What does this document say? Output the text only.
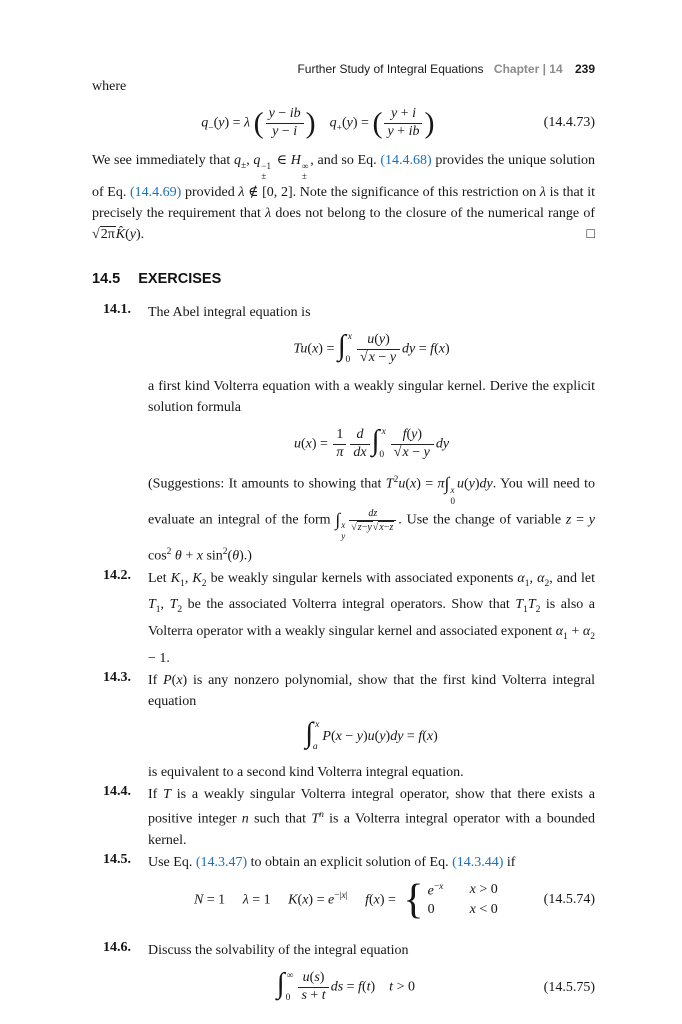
Further Study of Integral Equations Chapter | 14 239

where

$q_-(y) = \lambda$ ( $\frac{y - ib}{y - i}$ ) $q_+(y)$ = ( $\frac{y + i}{y + ib}$ )	(14.4.73)

We see immediately that $q_\pm$, q −1
±
∈ H ∞
±
, and so Eq. (14.4.68) provides the unique solution of Eq. (14.4.69) provided λ ∉ [0, 2]. Note the significance of this restriction on λ is that it precisely the requirement that λ does not belong to the closure of the numerical range of √2πK̂(y).	□

14.5 EXERCISES
14.1.	The Abel integral equation is

Tu(x) = ∫ x
$0 \frac{u(y)}{√x - y}$ dy = f(x)

a first kind Volterra equation with a weakly singular kernel. Derive the explicit solution formula

$u(x) = \frac{1}{\pi} \frac{d}{dx}$ ∫ x
$0 \frac{f(y)}{√x - y}$ dy

(Suggestions: It amounts to showing that $T^2u(x) = \pi\int$ x
0
u(y)dy. You will need to evaluate an integral of the form ∫ x
y
$\frac{dz}{√z-y√x-z}$ . Use the change of variable z = y $\cos^2 \theta + x$ $\sin^2(\theta)$.)

14.2.	Let $K_1$, $K_2$ be weakly singular kernels with associated exponents $\alpha_1$, $\alpha_2$, and let $T_1$, $T_2$ be the associated Volterra integral operators. Show that $T_1T_2$ is also a Volterra operator with a weakly singular kernel and associated exponent $\alpha_1 + \alpha_2 - 1$.

14.3.	If P(x) is any nonzero polynomial, show that the first kind Volterra integral equation

∫ x
a
P(x − y)u(y)dy = f(x)

is equivalent to a second kind Volterra integral equation.

14.4.	If T is a weakly singular Volterra integral operator, show that there exists a positive integer n such that $T^n$ is a Volterra integral operator with a bounded kernel.

14.5.	Use Eq. (14.3.47) to obtain an explicit solution of Eq. (14.3.44) if

N = 1  λ = 1  $K(x) = e^{-|x|}$  f(x) = { $e^{-x}$	x > 0
0	x < 0
(14.5.74)
14.6.	Discuss the solvability of the integral equation

∫ ∞
$0 \frac{u(s)}{s + t}$ ds = f(t) t > 0	(14.5.75)
